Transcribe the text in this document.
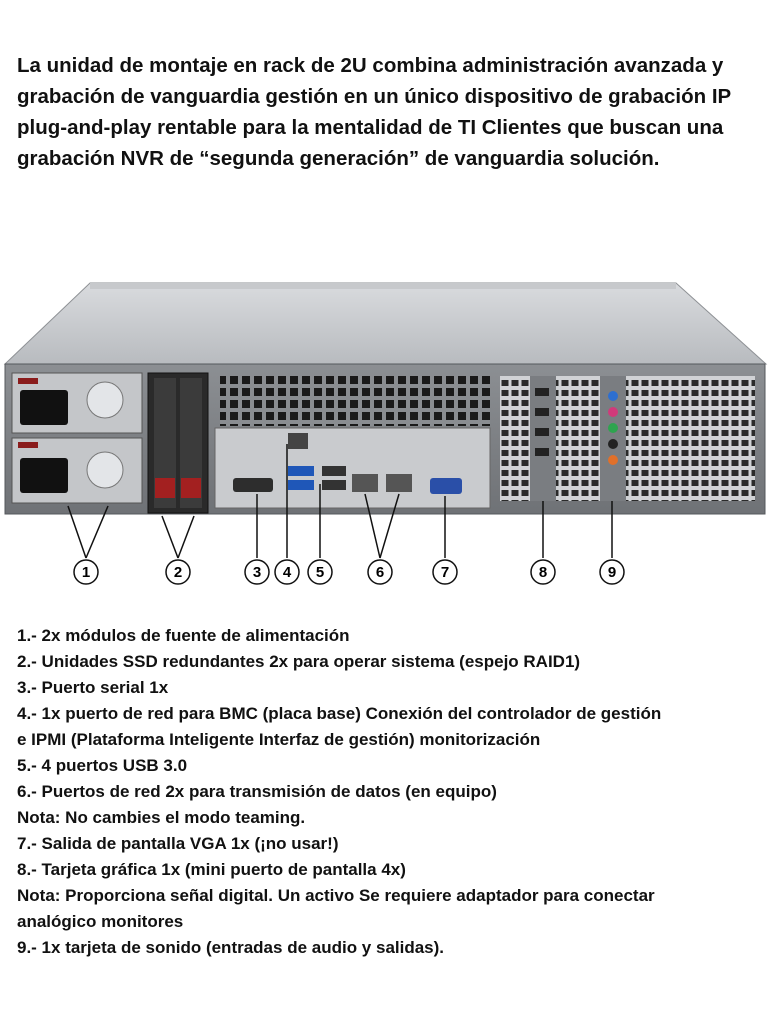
La unidad de montaje en rack de 2U combina administración avanzada y grabación de vanguardia gestión en un único dispositivo de grabación IP plug-and-play rentable para la mentalidad de TI Clientes que buscan una grabación NVR de “segunda generación” de vanguardia solución.

1	2	3 4 5	6	7	8	9
1.- 2x módulos de fuente de alimentación
2.- Unidades SSD redundantes 2x para operar sistema (espejo RAID1)
3.- Puerto serial 1x
4.- 1x puerto de red para BMC (placa base) Conexión del controlador de gestión
e IPMI (Plataforma Inteligente Interfaz de gestión) monitorización
5.- 4 puertos USB 3.0
6.- Puertos de red 2x para transmisión de datos (en equipo)
Nota: No cambies el modo teaming.
7.- Salida de pantalla VGA 1x (¡no usar!)
8.- Tarjeta gráfica 1x (mini puerto de pantalla 4x)
Nota: Proporciona señal digital. Un activo Se requiere adaptador para conectar
analógico monitores
9.- 1x tarjeta de sonido (entradas de audio y salidas).
